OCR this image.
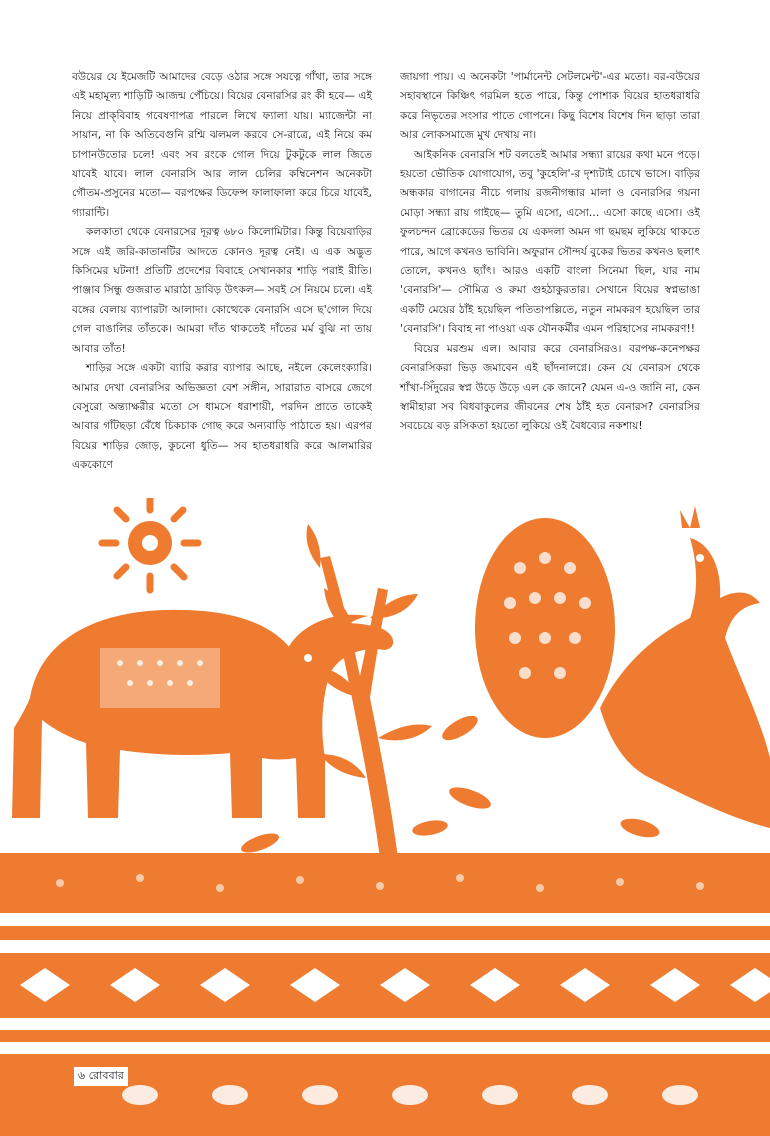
বউয়ের যে ইমেজটি আমাদের বেড়ে ওঠার সঙ্গে সযত্নে গাঁথা, তার সঙ্গে এই মহামূল্য শাড়িটি আজন্ম পেঁচিয়ে। বিয়ের বেনারসির রং কী হবে— এই নিয়ে প্রাক্‌বিবাহ গবেষণাপত্র পারলে লিখে ফ্যালা যায়। ম্যাজেন্টা না সায়ান, না কি অতিবেগুনি রশ্মি ঝলমল করবে সে-রাত্রে, এই নিয়ে কম চাপানউতোর চলে! এবং সব রংকে গোল দিয়ে টুকটুকে লাল জিতে যাবেই যাবে। লাল বেনারসি আর লাল চেলির কম্বিনেশন অনেকটা গৌতম-প্রসুনের মতো— বরপক্ষের ডিফেন্স ফালাফালা করে চিরে যাবেই, গ্যারান্টি।

কলকাতা থেকে বেনারসের দূরত্ব ৬৮০ কিলোমিটার। কিন্তু বিয়েবাড়ির সঙ্গে এই জরি-কাতানটির আদতে কোনও দূরত্ব নেই। এ এক অদ্ভুত কিসিমের ঘটনা! প্রতিটি প্রদেশের বিবাহে সেখানকার শাড়ি পরাই রীতি। পাঞ্জাব সিন্ধু গুজরাত মারাঠা দ্রাবিড় উৎকল— সবই সে নিয়মে চলে। এই বঙ্গের বেলায় ব্যাপারটা আলাদা। কোত্থেকে বেনারসি এসে ছ'গোল দিয়ে গেল বাঙালির তাঁতকে। আমরা দাঁত থাকতেই দাঁতের মর্ম বুঝি না তায় আবার তাঁত!

শাড়ির সঙ্গে একটা ব্যারি করার ব্যাপার আছে, নইলে কেলেংক্যারি। আমার দেখা বেনারসির অভিজ্ঞতা বেশ সঙ্গীন, সারারাত বাসরে জেগে বেসুরো অন্ত্যাক্ষরীর মতো সে ধামসে ধরাশায়ী, পরদিন প্রাতে তাকেই আবার গাঁটছড়া বেঁধে চিকচাক গোছ করে অন্যবাড়ি পাঠাতে হয়। এরপর বিয়ের শাড়ির জোড়, কুচনো ধুতি— সব হাতধরাধরি করে আলমারির এককোণে

জায়গা পায়। এ অনেকটা 'পার্মানেন্ট সেটলমেন্ট'-এর মতো। বর-বউয়ের সহাবস্থানে কিঞ্চিৎ গরমিল হতে পারে, কিন্তু পোশাক বিয়ের হাতধরাধরি করে নিভৃতের সংসার পাতে গোপনে। কিছু বিশেষ বিশেষ দিন ছাড়া তারা আর লোকসমাজে মুখ দেখায় না।

আইকনিক বেনারসি শট বলতেই আমার সন্ধ্যা রায়ের কথা মনে পড়ে। হয়তো ভৌতিক যোগাযোগ, তবু 'কুহেলি'-র দৃশ্যটাই চোখে ভাসে। বাড়ির অন্ধকার বাগানের নীচে গলায় রজনীগন্ধার মালা ও বেনারসির গয়না মোড়া সন্ধ্যা রায় গাইছে— তুমি এসো, এসো… এসো কাছে এসো। ওই ফুলচন্দন ব্রোকেডের ভিতর যে একদলা অমন গা ছমছম লুকিয়ে থাকতে পারে, আগে কখনও ভাবিনি। অফুরান সৌন্দর্য বুকের ভিতর কখনও ছলাৎ তোলে, কখনও ছ্যাঁৎ। আরও একটি বাংলা সিনেমা ছিল, যার নাম 'বেনারসি'— সৌমিত্র ও রুমা গুহঠাকুরতার। সেখানে বিয়ের স্বপ্নভাঙা একটি মেয়ের ঠাঁই হয়েছিল পতিতাপল্লিতে, নতুন নামকরণ হয়েছিল তার 'বেনারসি'। বিবাহ না পাওয়া এক যৌনকর্মীর এমন পরিহাসের নামকরণ!!

বিয়ের মরশুম এল। আবার করে বেনারসিরও। বরপক্ষ-কনেপক্ষর বেনারসিকরা ভিড় জমাবেন এই ছাঁদনালগ্নে। কেন যে বেনারস থেকে শাঁখা-সিঁদুরের স্বপ্ন উড়ে উড়ে এল কে জানে? যেমন এ-ও জানি না, কেন স্বামীহারা সব বিধবাকুলের জীবনের শেষ ঠাঁই হত বেনারস? বেনারসির সবচেয়ে বড় রসিকতা হয়তো লুকিয়ে ওই বৈধব্যের নকশায়!

৬ রোববার
